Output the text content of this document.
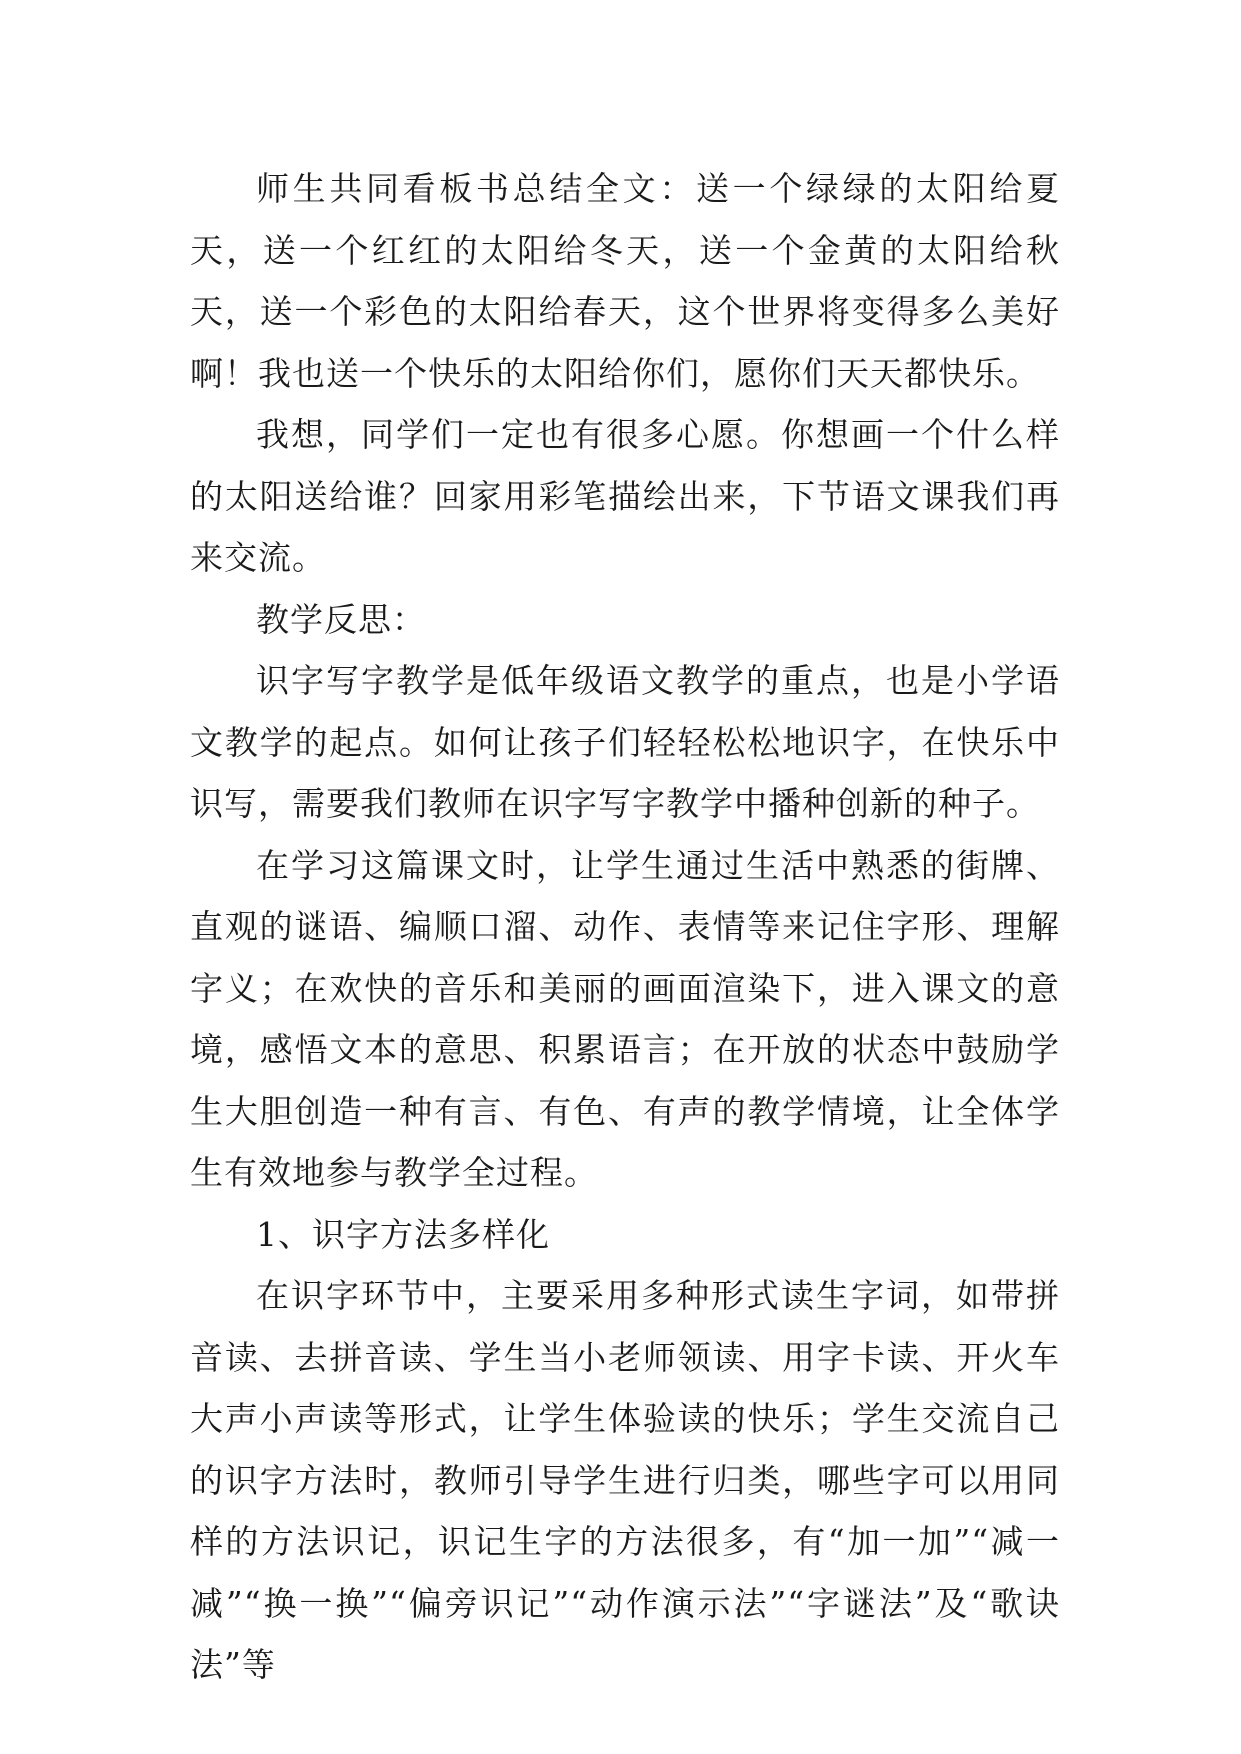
师生共同看板书总结全文：送一个绿绿的太阳给夏天，送一个红红的太阳给冬天，送一个金黄的太阳给秋天，送一个彩色的太阳给春天，这个世界将变得多么美好啊！我也送一个快乐的太阳给你们，愿你们天天都快乐。

我想，同学们一定也有很多心愿。你想画一个什么样的太阳送给谁？回家用彩笔描绘出来，下节语文课我们再来交流。

教学反思：

识字写字教学是低年级语文教学的重点，也是小学语文教学的起点。如何让孩子们轻轻松松地识字，在快乐中识写，需要我们教师在识字写字教学中播种创新的种子。

在学习这篇课文时，让学生通过生活中熟悉的街牌、直观的谜语、编顺口溜、动作、表情等来记住字形、理解字义；在欢快的音乐和美丽的画面渲染下，进入课文的意境，感悟文本的意思、积累语言；在开放的状态中鼓励学生大胆创造一种有言、有色、有声的教学情境，让全体学生有效地参与教学全过程。

1、识字方法多样化

在识字环节中，主要采用多种形式读生字词，如带拼音读、去拼音读、学生当小老师领读、用字卡读、开火车大声小声读等形式，让学生体验读的快乐；学生交流自己的识字方法时，教师引导学生进行归类，哪些字可以用同样的方法识记，识记生字的方法很多，有“加一加”“减一减”“换一换”“偏旁识记”“动作演示法”“字谜法”及“歌诀法”等
